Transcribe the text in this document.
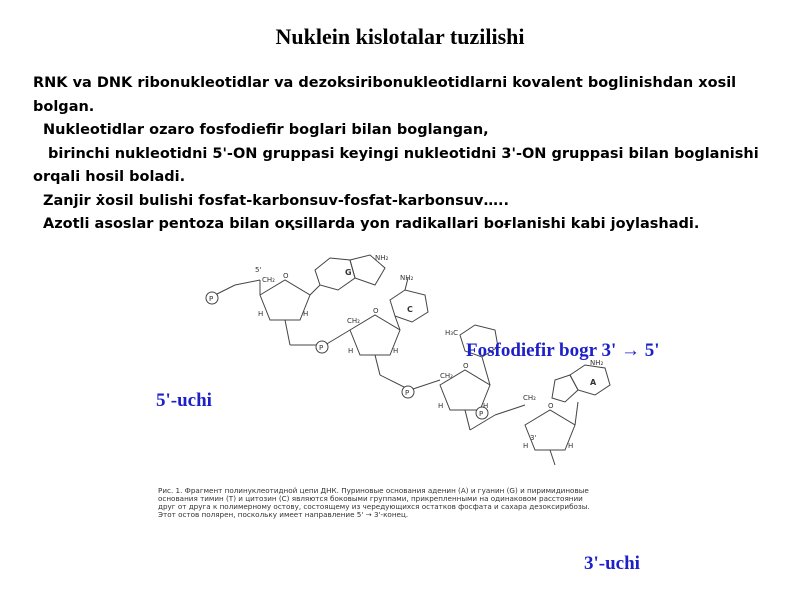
Nuklein kislotalar tuzilishi

RNK va DNK ribonukleotidlar va dezoksiribonukleotidlarni kovalent boglinishdan xosil bolgan.

Nukleotidlar ozaro fosfodiefir boglari bilan boglangan,

birinchi nukleotidni 5'-ON gruppasi keyingi nukleotidni 3'-ON gruppasi bilan boglanishi orqali hosil boladi.

Zanjir ẋosil bulishi fosfat-karbonsuv-fosfat-karbonsuv…..

Azotli asoslar pentoza bilan oқsillarda yon radikallari boғlanishi kabi joylashadi.

P
P
P
P
5'
CH₂
CH₂
CH₂
CH₂
H	H
H	H
H	H
H	H
3'
O
O
O
O
NH₂
NH₂
H₃C
NH₂
G
C
A
Рис. 1. Фрагмент полинуклеотидной цепи ДНК. Пуриновые основания аденин (А) и гуанин (G) и пиримидиновые
основания тимин (Т) и цитозин (С) являются боковыми группами, прикрепленными на одинаковом расстоянии
друг от друга к полимерному остову, состоящему из чередующихся остатков фосфата и сахара дезоксирибозы.
Этот остов полярен, поскольку имеет направление 5' → 3'-конец.
Fosfodiefir bogr 3' → 5'
5'-uchi
3'-uchi
